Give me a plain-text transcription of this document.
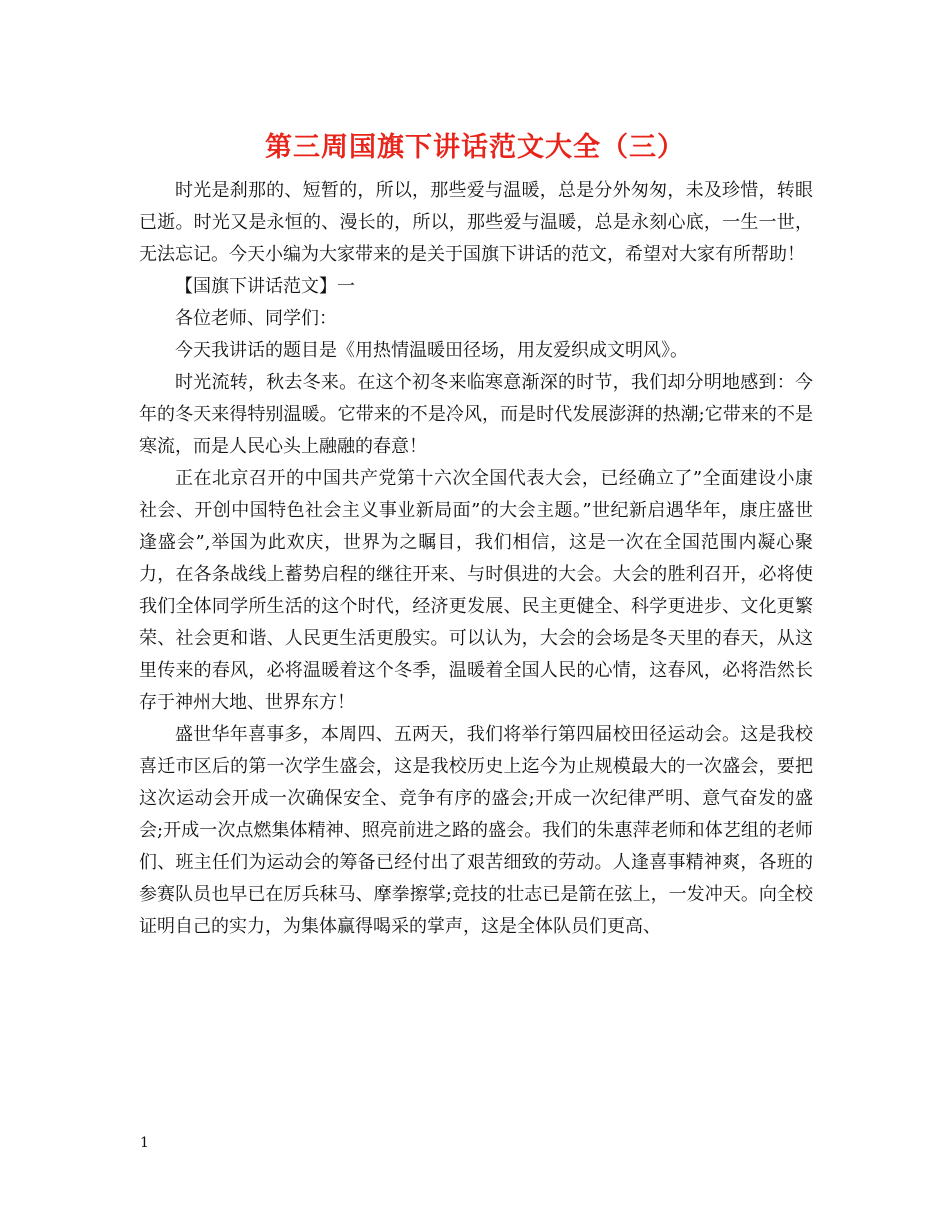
第三周国旗下讲话范文大全（三）

时光是刹那的、短暂的，所以，那些爱与温暖，总是分外匆匆，未及珍惜，转眼已逝。时光又是永恒的、漫长的，所以，那些爱与温暖，总是永刻心底，一生一世，无法忘记。今天小编为大家带来的是关于国旗下讲话的范文，希望对大家有所帮助！

【国旗下讲话范文】一

各位老师、同学们：

今天我讲话的题目是《用热情温暖田径场，用友爱织成文明风》。

时光流转，秋去冬来。在这个初冬来临寒意渐深的时节，我们却分明地感到：今年的冬天来得特别温暖。它带来的不是冷风，而是时代发展澎湃的热潮;它带来的不是寒流，而是人民心头上融融的春意！

正在北京召开的中国共产党第十六次全国代表大会，已经确立了”全面建设小康社会、开创中国特色社会主义事业新局面”的大会主题。”世纪新启遇华年，康庄盛世逢盛会”,举国为此欢庆，世界为之瞩目，我们相信，这是一次在全国范围内凝心聚力，在各条战线上蓄势启程的继往开来、与时俱进的大会。大会的胜利召开，必将使我们全体同学所生活的这个时代，经济更发展、民主更健全、科学更进步、文化更繁荣、社会更和谐、人民更生活更殷实。可以认为，大会的会场是冬天里的春天，从这里传来的春风，必将温暖着这个冬季，温暖着全国人民的心情，这春风，必将浩然长存于神州大地、世界东方！

盛世华年喜事多，本周四、五两天，我们将举行第四届校田径运动会。这是我校喜迁市区后的第一次学生盛会，这是我校历史上迄今为止规模最大的一次盛会，要把这次运动会开成一次确保安全、竞争有序的盛会;开成一次纪律严明、意气奋发的盛会;开成一次点燃集体精神、照亮前进之路的盛会。我们的朱惠萍老师和体艺组的老师们、班主任们为运动会的筹备已经付出了艰苦细致的劳动。人逢喜事精神爽，各班的参赛队员也早已在厉兵秣马、摩拳擦掌;竞技的壮志已是箭在弦上，一发冲天。向全校证明自己的实力，为集体赢得喝采的掌声，这是全体队员们更高、

1
